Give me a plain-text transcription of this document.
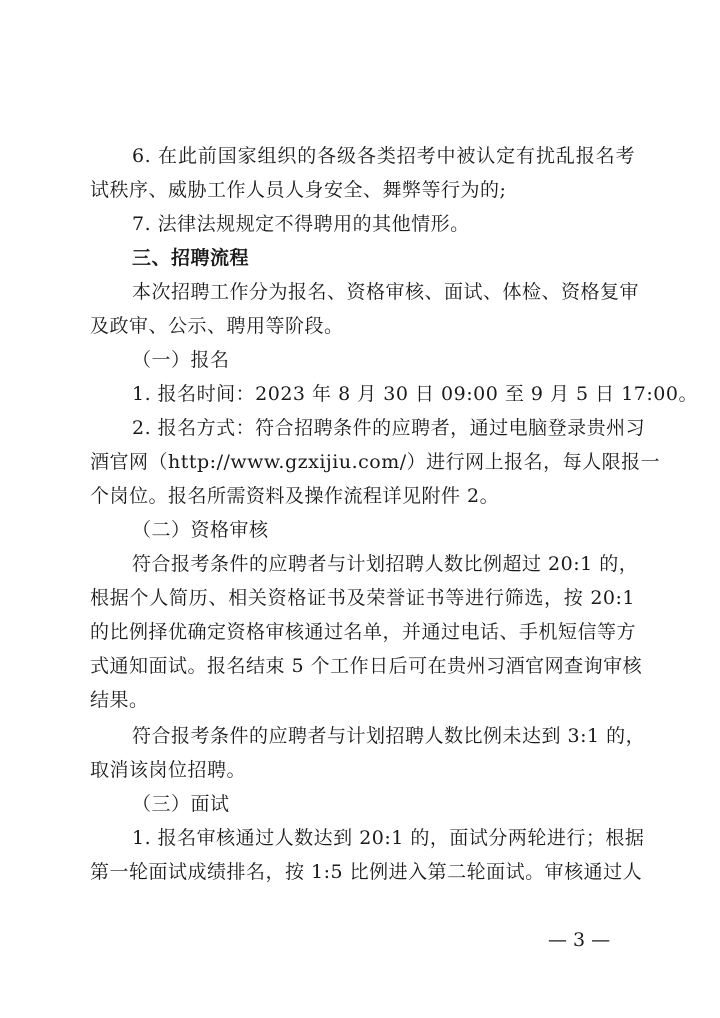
6. 在此前国家组织的各级各类招考中被认定有扰乱报名考
试秩序、威胁工作人员人身安全、舞弊等行为的;
7. 法律法规规定不得聘用的其他情形。
三、招聘流程
本次招聘工作分为报名、资格审核、面试、体检、资格复审
及政审、公示、聘用等阶段。
（一）报名
1. 报名时间：2023 年 8 月 30 日 09:00 至 9 月 5 日 17:00。
2. 报名方式：符合招聘条件的应聘者，通过电脑登录贵州习
酒官网（http://www.gzxijiu.com/）进行网上报名，每人限报一
个岗位。报名所需资料及操作流程详见附件 2。
（二）资格审核
符合报考条件的应聘者与计划招聘人数比例超过 20:1 的，
根据个人简历、相关资格证书及荣誉证书等进行筛选，按 20:1
的比例择优确定资格审核通过名单，并通过电话、手机短信等方
式通知面试。报名结束 5 个工作日后可在贵州习酒官网查询审核
结果。
符合报考条件的应聘者与计划招聘人数比例未达到 3:1 的，
取消该岗位招聘。
（三）面试
1. 报名审核通过人数达到 20:1 的，面试分两轮进行；根据
第一轮面试成绩排名，按 1:5 比例进入第二轮面试。审核通过人
— 3 —
